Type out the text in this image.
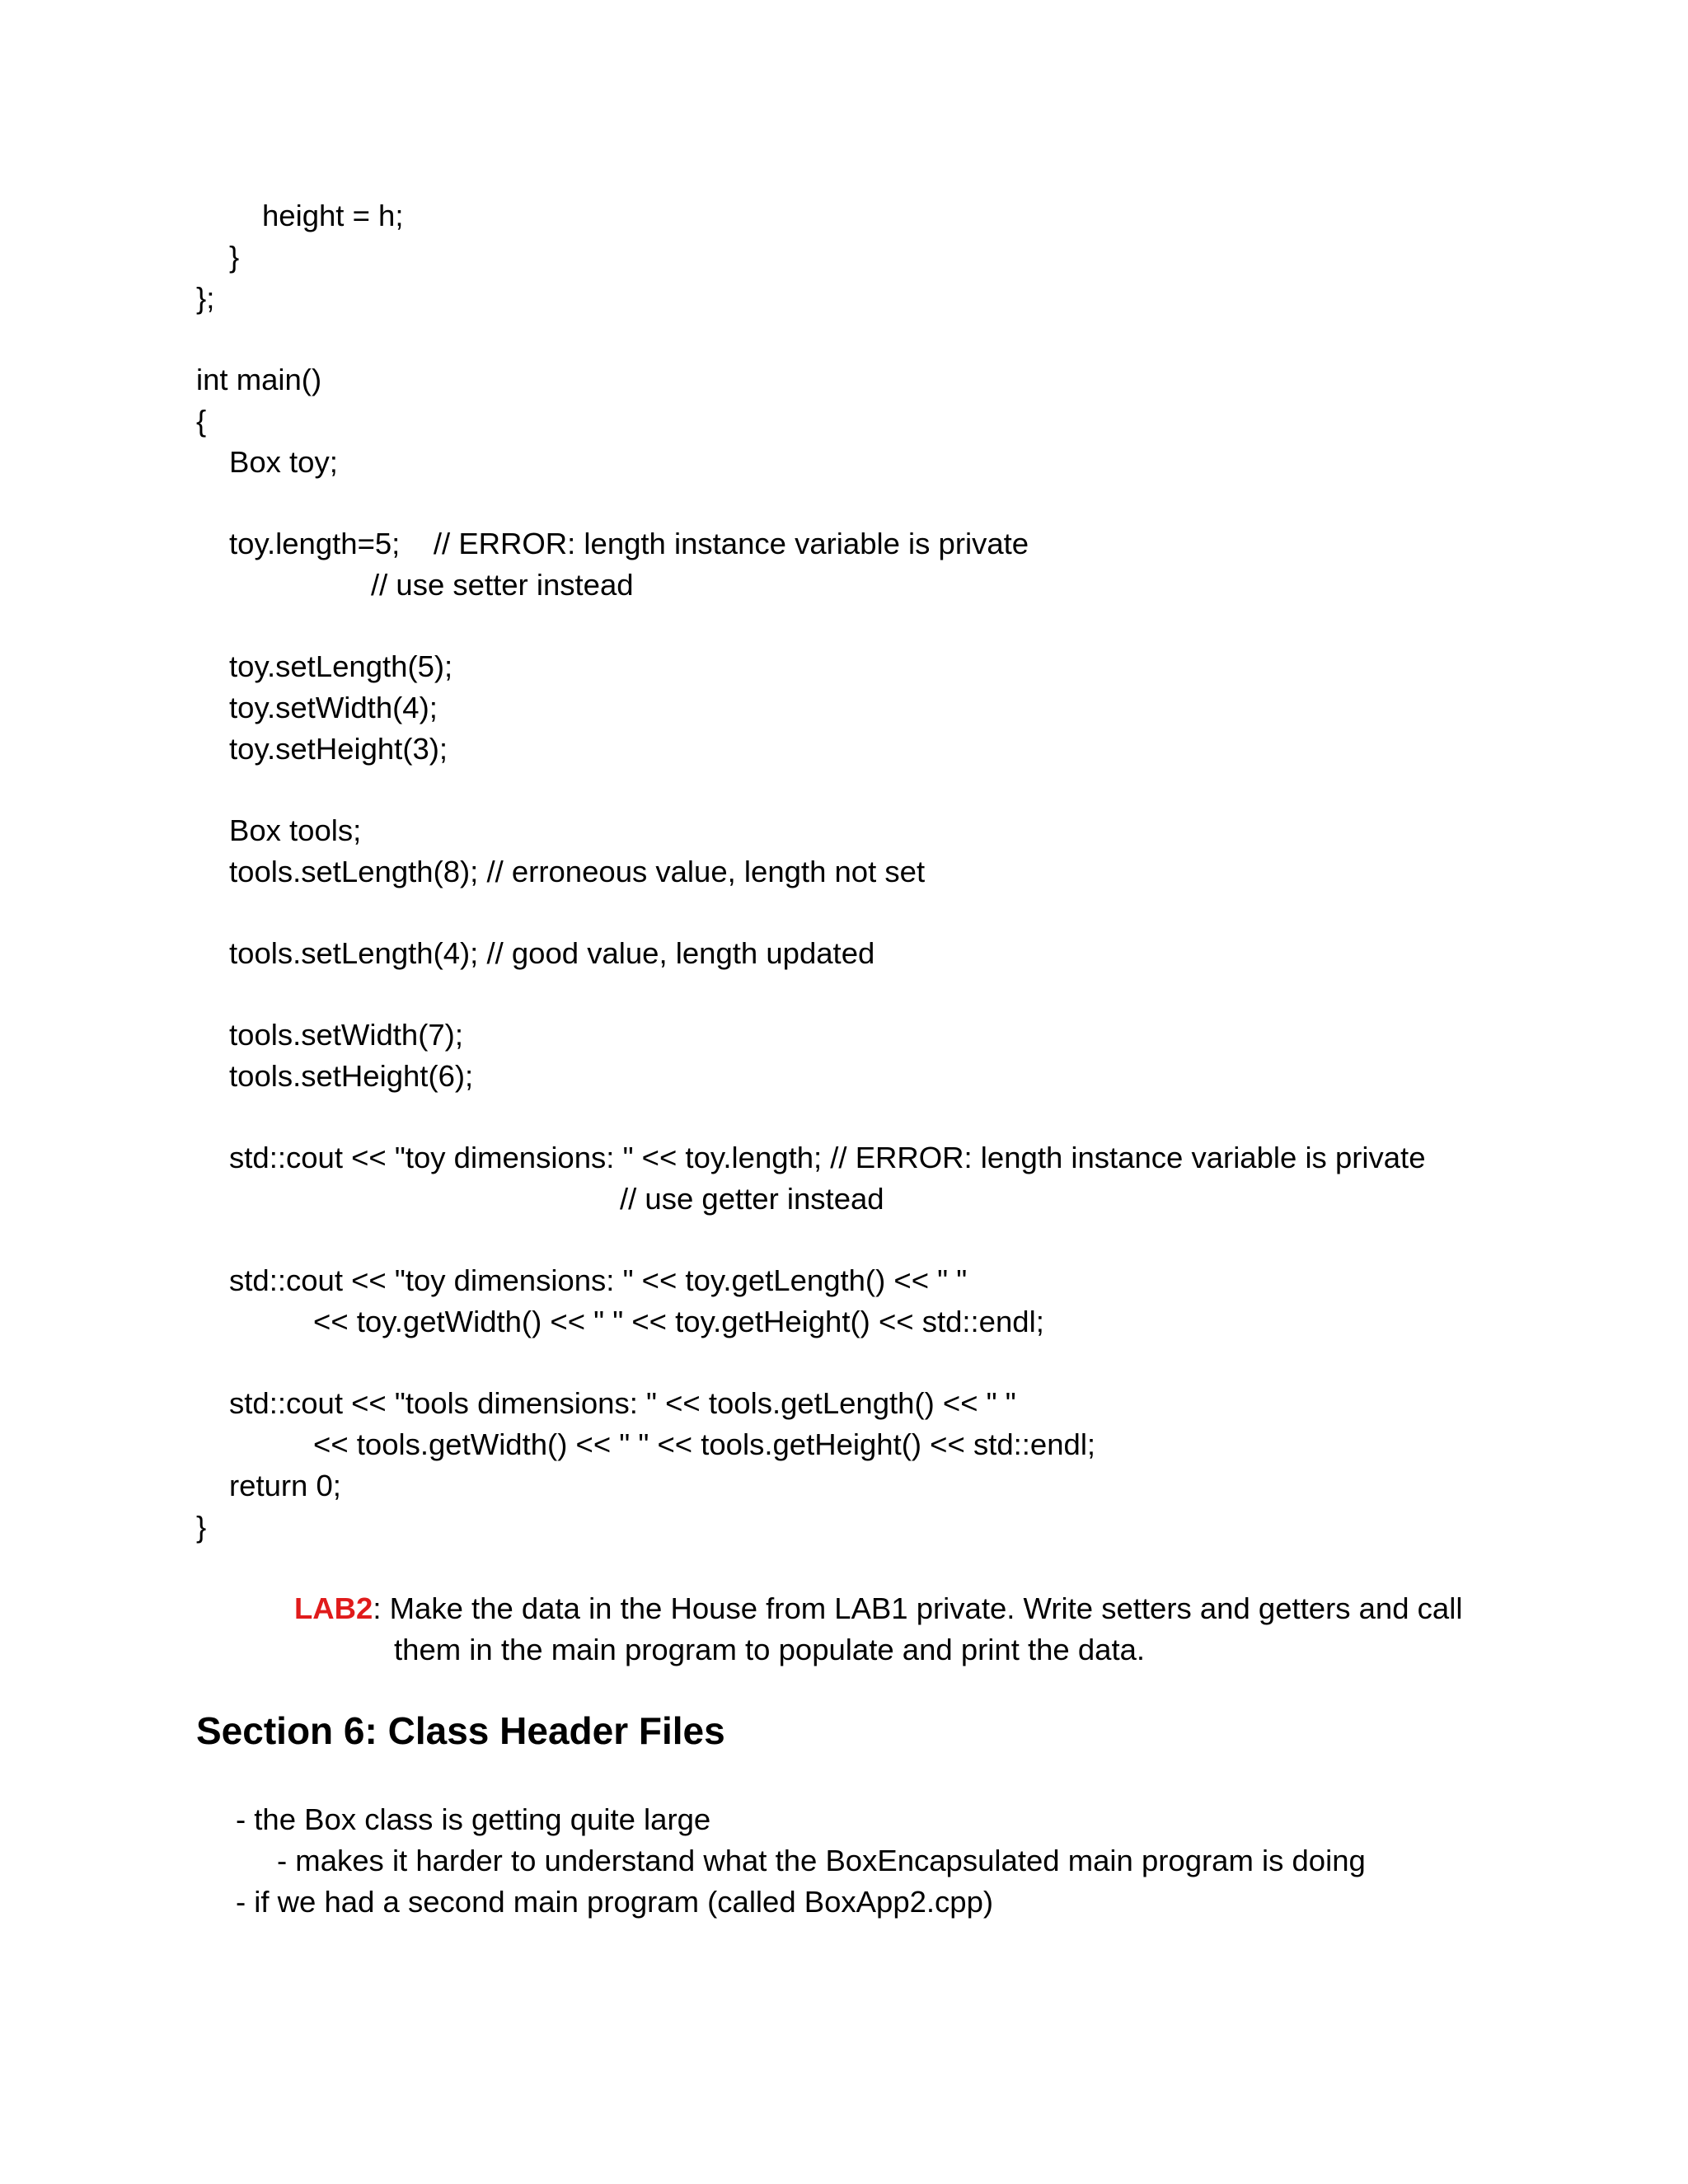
height = h;
}
};
int main()
{
Box toy;
toy.length=5;    // ERROR: length instance variable is private
// use setter instead
toy.setLength(5);
toy.setWidth(4);
toy.setHeight(3);
Box tools;
tools.setLength(8); // erroneous value, length not set
tools.setLength(4); // good value, length updated
tools.setWidth(7);
tools.setHeight(6);
std::cout << "toy dimensions: " << toy.length; // ERROR: length instance variable is private
// use getter instead
std::cout << "toy dimensions: " << toy.getLength() << " "
<< toy.getWidth() << " " << toy.getHeight() << std::endl;
std::cout << "tools dimensions: " << tools.getLength() << " "
<< tools.getWidth() << " " << tools.getHeight() << std::endl;
return 0;
}
LAB2: Make the data in the House from LAB1 private. Write setters and getters and call
them in the main program to populate and print the data.
Section 6: Class Header Files
- the Box class is getting quite large
- makes it harder to understand what the BoxEncapsulated main program is doing
- if we had a second main program (called BoxApp2.cpp)
